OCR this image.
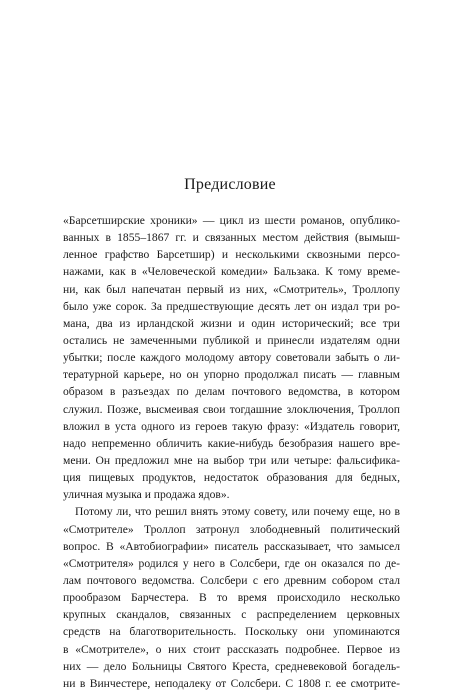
Предисловие
«Барсетширские хроники» — цикл из шести романов, опублико-
ванных в 1855–1867 гг. и связанных местом действия (вымыш-
ленное графство Барсетшир) и несколькими сквозными персо-
нажами, как в «Человеческой комедии» Бальзака. К тому време-
ни, как был напечатан первый из них, «Смотритель», Троллопу
было уже сорок. За предшествующие десять лет он издал три ро-
мана, два из ирландской жизни и один исторический; все три
остались не замеченными публикой и принесли издателям одни
убытки; после каждого молодому автору советовали забыть о ли-
тературной карьере, но он упорно продолжал писать — главным
образом в разъездах по делам почтового ведомства, в котором
служил. Позже, высмеивая свои тогдашние злоключения, Троллоп
вложил в уста одного из героев такую фразу: «Издатель говорит,
надо непременно обличить какие-нибудь безобразия нашего вре-
мени. Он предложил мне на выбор три или четыре: фальсифика-
ция пищевых продуктов, недостаток образования для бедных,
уличная музыка и продажа ядов».
Потому ли, что решил внять этому совету, или почему еще, но в
«Смотрителе» Троллоп затронул злободневный политический
вопрос. В «Автобиографии» писатель рассказывает, что замысел
«Смотрителя» родился у него в Солсбери, где он оказался по де-
лам почтового ведомства. Солсбери с его древним собором стал
прообразом Барчестера. В то время происходило несколько
крупных скандалов, связанных с распределением церковных
средств на благотворительность. Поскольку они упоминаются
в «Смотрителе», о них стоит рассказать подробнее. Первое из
них — дело Больницы Святого Креста, средневековой богадель-
ни в Винчестере, неподалеку от Солсбери. С 1808 г. ее смотрите-
